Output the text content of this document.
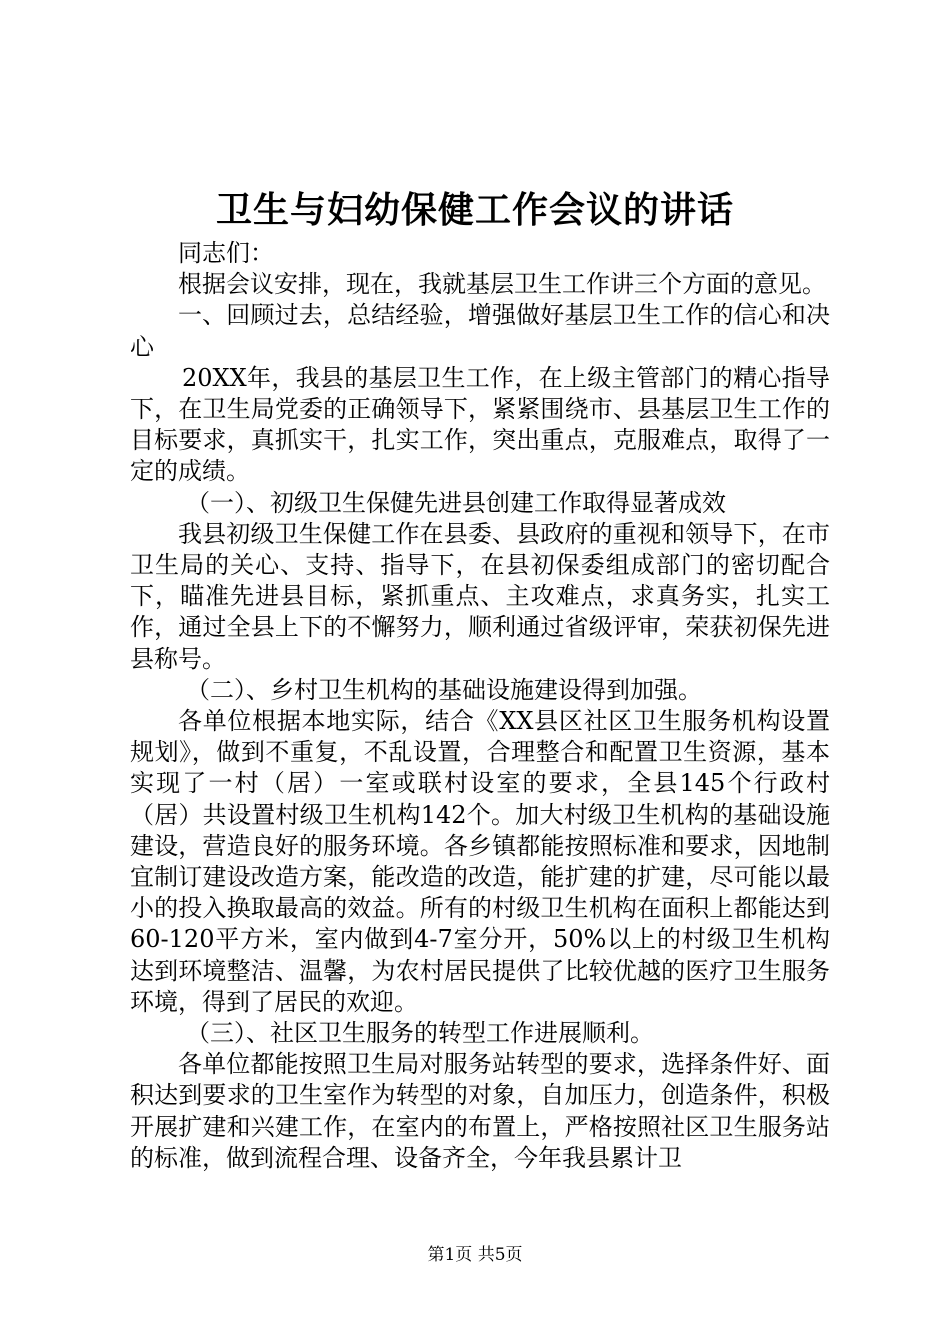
卫生与妇幼保健工作会议的讲话

同志们：

根据会议安排，现在，我就基层卫生工作讲三个方面的意见。

一、回顾过去，总结经验，增强做好基层卫生工作的信心和决心

20XX年，我县的基层卫生工作，在上级主管部门的精心指导下，在卫生局党委的正确领导下，紧紧围绕市、县基层卫生工作的目标要求，真抓实干，扎实工作，突出重点，克服难点，取得了一定的成绩。

（一）、初级卫生保健先进县创建工作取得显著成效

我县初级卫生保健工作在县委、县政府的重视和领导下，在市卫生局的关心、支持、指导下，在县初保委组成部门的密切配合下，瞄准先进县目标，紧抓重点、主攻难点，求真务实，扎实工作，通过全县上下的不懈努力，顺利通过省级评审，荣获初保先进县称号。

（二）、乡村卫生机构的基础设施建设得到加强。

各单位根据本地实际，结合《XX县区社区卫生服务机构设置规划》，做到不重复，不乱设置，合理整合和配置卫生资源，基本实现了一村（居）一室或联村设室的要求，全县145个行政村（居）共设置村级卫生机构142个。加大村级卫生机构的基础设施建设，营造良好的服务环境。各乡镇都能按照标准和要求，因地制宜制订建设改造方案，能改造的改造，能扩建的扩建，尽可能以最小的投入换取最高的效益。所有的村级卫生机构在面积上都能达到60-120平方米，室内做到4-7室分开，50%以上的村级卫生机构达到环境整洁、温馨，为农村居民提供了比较优越的医疗卫生服务环境，得到了居民的欢迎。

（三）、社区卫生服务的转型工作进展顺利。

各单位都能按照卫生局对服务站转型的要求，选择条件好、面积达到要求的卫生室作为转型的对象，自加压力，创造条件，积极开展扩建和兴建工作，在室内的布置上，严格按照社区卫生服务站的标准，做到流程合理、设备齐全，今年我县累计卫

第1页 共5页
